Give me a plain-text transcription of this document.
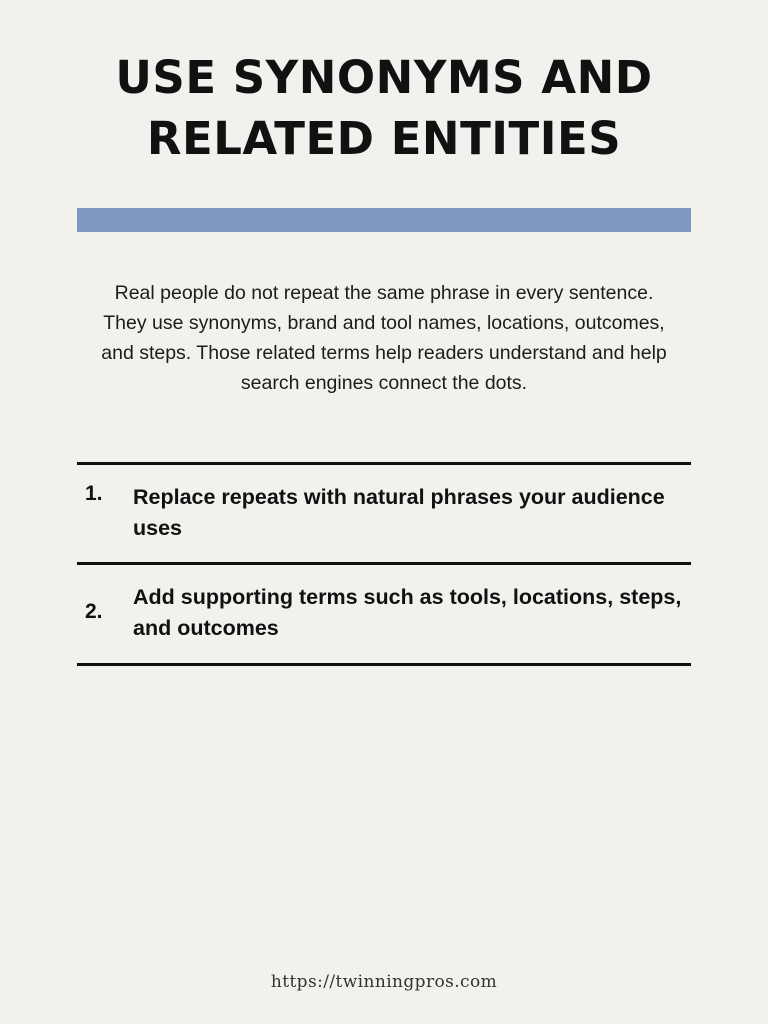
USE SYNONYMS AND RELATED ENTITIES

Real people do not repeat the same phrase in every sentence. They use synonyms, brand and tool names, locations, outcomes, and steps. Those related terms help readers understand and help search engines connect the dots.

1.	Replace repeats with natural phrases your audience uses
2.
Add supporting terms such as tools, locations, steps, and outcomes
https://twinningpros.com
